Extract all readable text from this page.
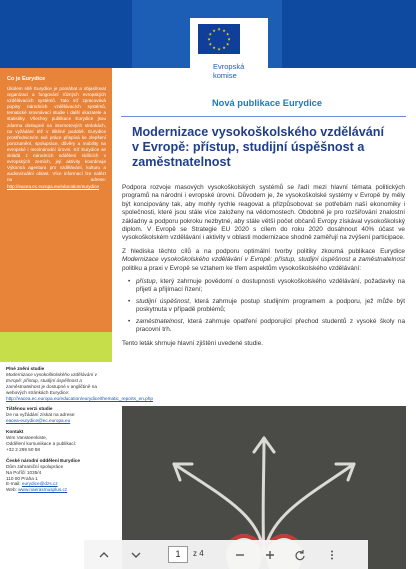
★ ★
★
★
★
★
★
★
★
★
★
★
Evropská
komise
Co je Eurydice
Úkolem sítě Eurydice je pomáhat a objasňovat organizaci a fungování různých evropských vzdělávacích systémů. Tato síť zpracovává popisy národních vzdělávacích systémů, tematické srovnávací studie i další ukazatele a statistiky. Všechny publikace Eurydice jsou zdarma dostupné na internetových stránkách, na vyžádání též v tištěné podobě. Eurydice prostřednictvím své práce přispívá ke zlepšení porozumění, spolupráce, důvěry a mobility na evropské i mezinárodní úrovni. Síť Eurydice se skládá z národních oddělení sídlících v evropských zemích, její aktivity koordinuje Výkonná agentura pro vzdělávání, kulturu a audiovizuální oblast. Více informací lze nalézt na adrese: http://eacea.ec.europa.eu/education/eurydice
Plné znění studie
Modernizace vysokoškolského vzdělávání v Evropě: přístup, studijní úspěšnost a zaměstnatelnost je dostupné v angličtině na webových stránkách Eurydice:
http://eacea.ec.europa.eu/education/eurydice/thematic_reports_en.php
Tištěnou verzi studie
lze na vyžádání získat na adrese:
eacea-eurydice@ec.europa.eu
Kontakt
Wim Vansteenkiste,
Oddělení komunikace a publikací:
+32 2 299 50 58
České národní oddělení Eurydice
Dům zahraniční spolupráce
Na Poříčí 1035/4
110 00 Praha 1
E-mail: eurydice@dzs.cz
Web: www.naerasmusplus.cz
Nová publikace Eurydice
Modernizace vysokoškolského vzdělávání v Evropě: přístup, studijní úspěšnost a zaměstnatelnost

Podpora rozvoje masových vysokoškolských systémů se řadí mezi hlavní témata politických programů na národní i evropské úrovni. Důvodem je, že vysokoškolské systémy v Evropě by měly být koncipovány tak, aby mohly rychle reagovat a přizpůsobovat se potřebám naší ekonomiky i společnosti, které jsou stále více založeny na vědomostech. Obdobně je pro rozšiřování znalostní základny a podporu pokroku nezbytné, aby stále větší počet občanů Evropy získával vysokoškolský diplom. V Evropě se Strategie EU 2020 s cílem do roku 2020 dosáhnout 40% účast ve vysokoškolském vzdělávání i aktivity v oblasti modernizace shodně zaměřují na zvýšení participace.

Z hlediska těchto cílů a na podporu optimální tvorby politiky zkoumá publikace Eurydice Modernizace vysokoškolského vzdělávání v Evropě: přístup, studijní úspěšnost a zaměstnatelnost politiku a praxi v Evropě se vztahem ke třem aspektům vysokoškolského vzdělávání:

• přístup, který zahrnuje povědomí o dostupnosti vysokoškolského vzdělávání, požadavky na přijetí a přijímací řízení;
• studijní úspěšnost, která zahrnuje postup studijním programem a podporu, jež může být poskytnuta v případě problémů;
• zaměstnatelnost, která zahrnuje opatření podporující přechod studentů z vysoké školy na pracovní trh.

Tento leták shrnuje hlavní zjištění uvedené studie.

1	z 4
